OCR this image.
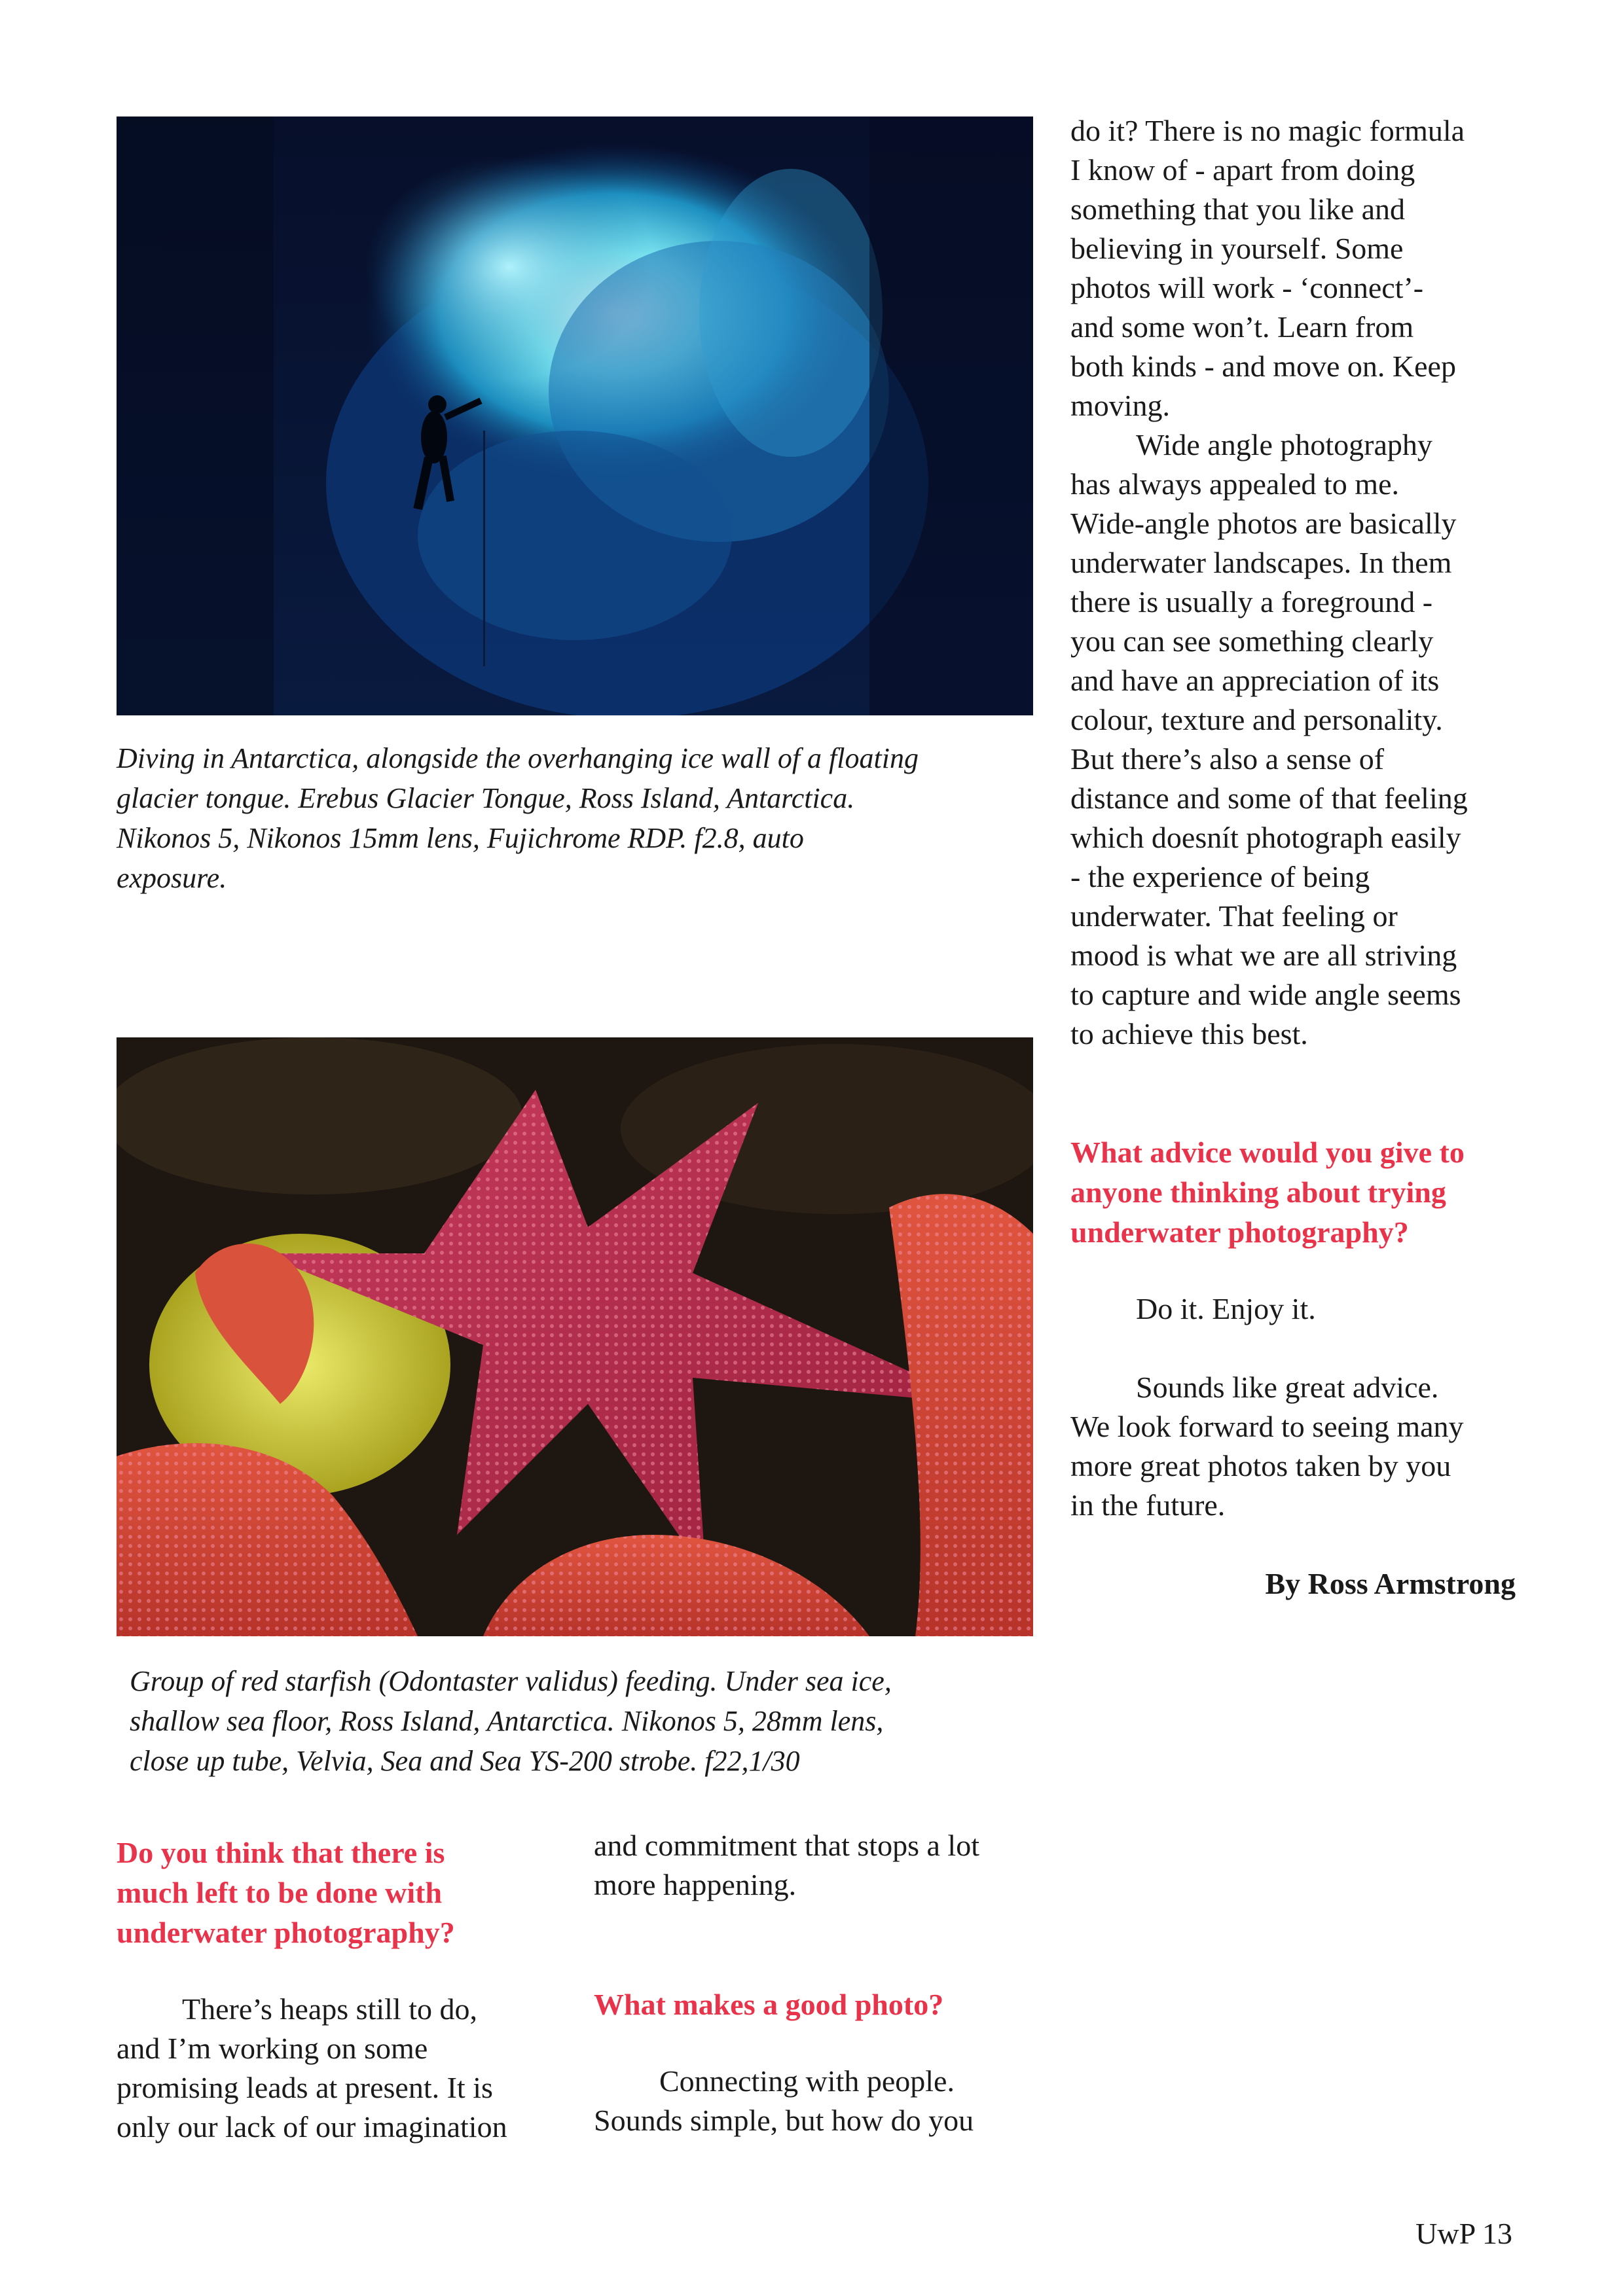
Diving in Antarctica, alongside the overhanging ice wall of a floating
glacier tongue. Erebus Glacier Tongue, Ross Island, Antarctica.
Nikonos 5, Nikonos 15mm lens, Fujichrome RDP. f2.8, auto
exposure.
Group of red starfish (Odontaster validus) feeding. Under sea ice,
shallow sea floor, Ross Island, Antarctica. Nikonos 5, 28mm lens,
close up tube, Velvia, Sea and Sea YS-200 strobe. f22,1/30
do it? There is no magic formula
I know of - apart from doing
something that you like and
believing in yourself. Some
photos will work - ‘connect’-
and some won’t. Learn from
both kinds - and move on. Keep
moving.
Wide angle photography
has always appealed to me.
Wide-angle photos are basically
underwater landscapes. In them
there is usually a foreground -
you can see something clearly
and have an appreciation of its
colour, texture and personality.
But there’s also a sense of
distance and some of that feeling
which doesnít photograph easily
- the experience of being
underwater. That feeling or
mood is what we are all striving
to capture and wide angle seems
to achieve this best.
What advice would you give to
anyone thinking about trying
underwater photography?
Do it. Enjoy it.
Sounds like great advice.
We look forward to seeing many
more great photos taken by you
in the future.
By Ross Armstrong
Do you think that there is
much left to be done with
underwater photography?
There’s heaps still to do,
and I’m working on some
promising leads at present. It is
only our lack of our imagination
and commitment that stops a lot
more happening.
What makes a good photo?
Connecting with people.
Sounds simple, but how do you
UwP 13
